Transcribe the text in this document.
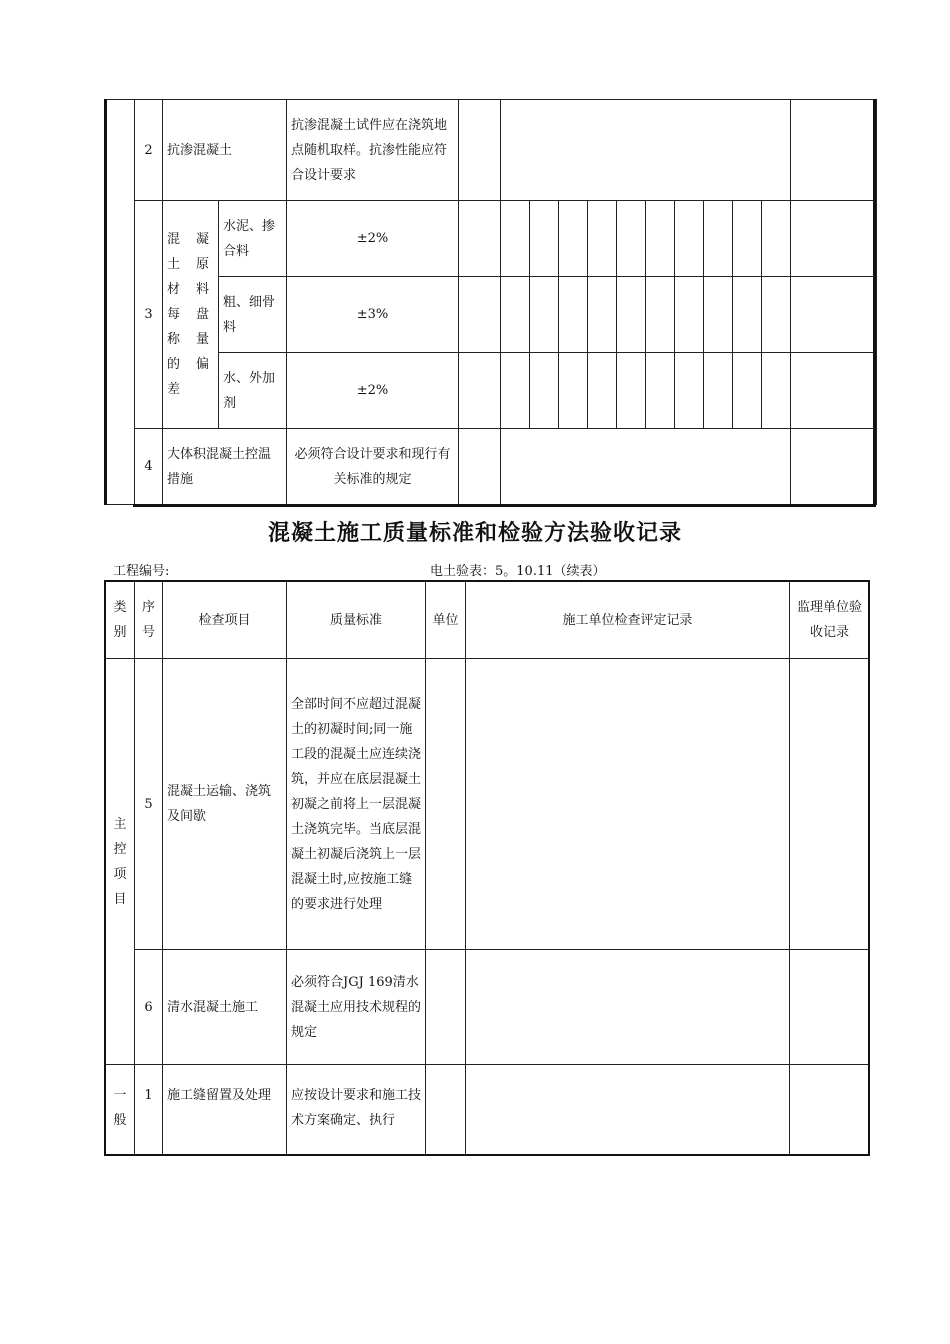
	2	抗渗混凝土		抗渗混凝土试件应在浇筑地点随机取样。抗渗性能应符合设计要求												
	3	混凝土原材料每盘称量的偏差	水泥、掺合料	±2%												
			粗、细骨料	±3%												
			水、外加剂	±2%												
	4	大体积混凝土控温措施		必须符合设计要求和现行有关标准的规定												
混凝土施工质量标准和检验方法验收记录
工程编号:	电土验表：5。10.11（续表）
类别	序号	检查项目	质量标准	单位	施工单位检查评定记录	监理单位验收记录
主控项目	5	混凝土运输、浇筑及间歇	全部时间不应超过混凝土的初凝时间;同一施工段的混凝土应连续浇筑，并应在底层混凝土初凝之前将上一层混凝土浇筑完毕。当底层混凝土初凝后浇筑上一层混凝土时,应按施工缝的要求进行处理			
	6	清水混凝土施工	必须符合JGJ 169清水混凝土应用技术规程的规定			
一般	1	施工缝留置及处理	应按设计要求和施工技术方案确定、执行			
